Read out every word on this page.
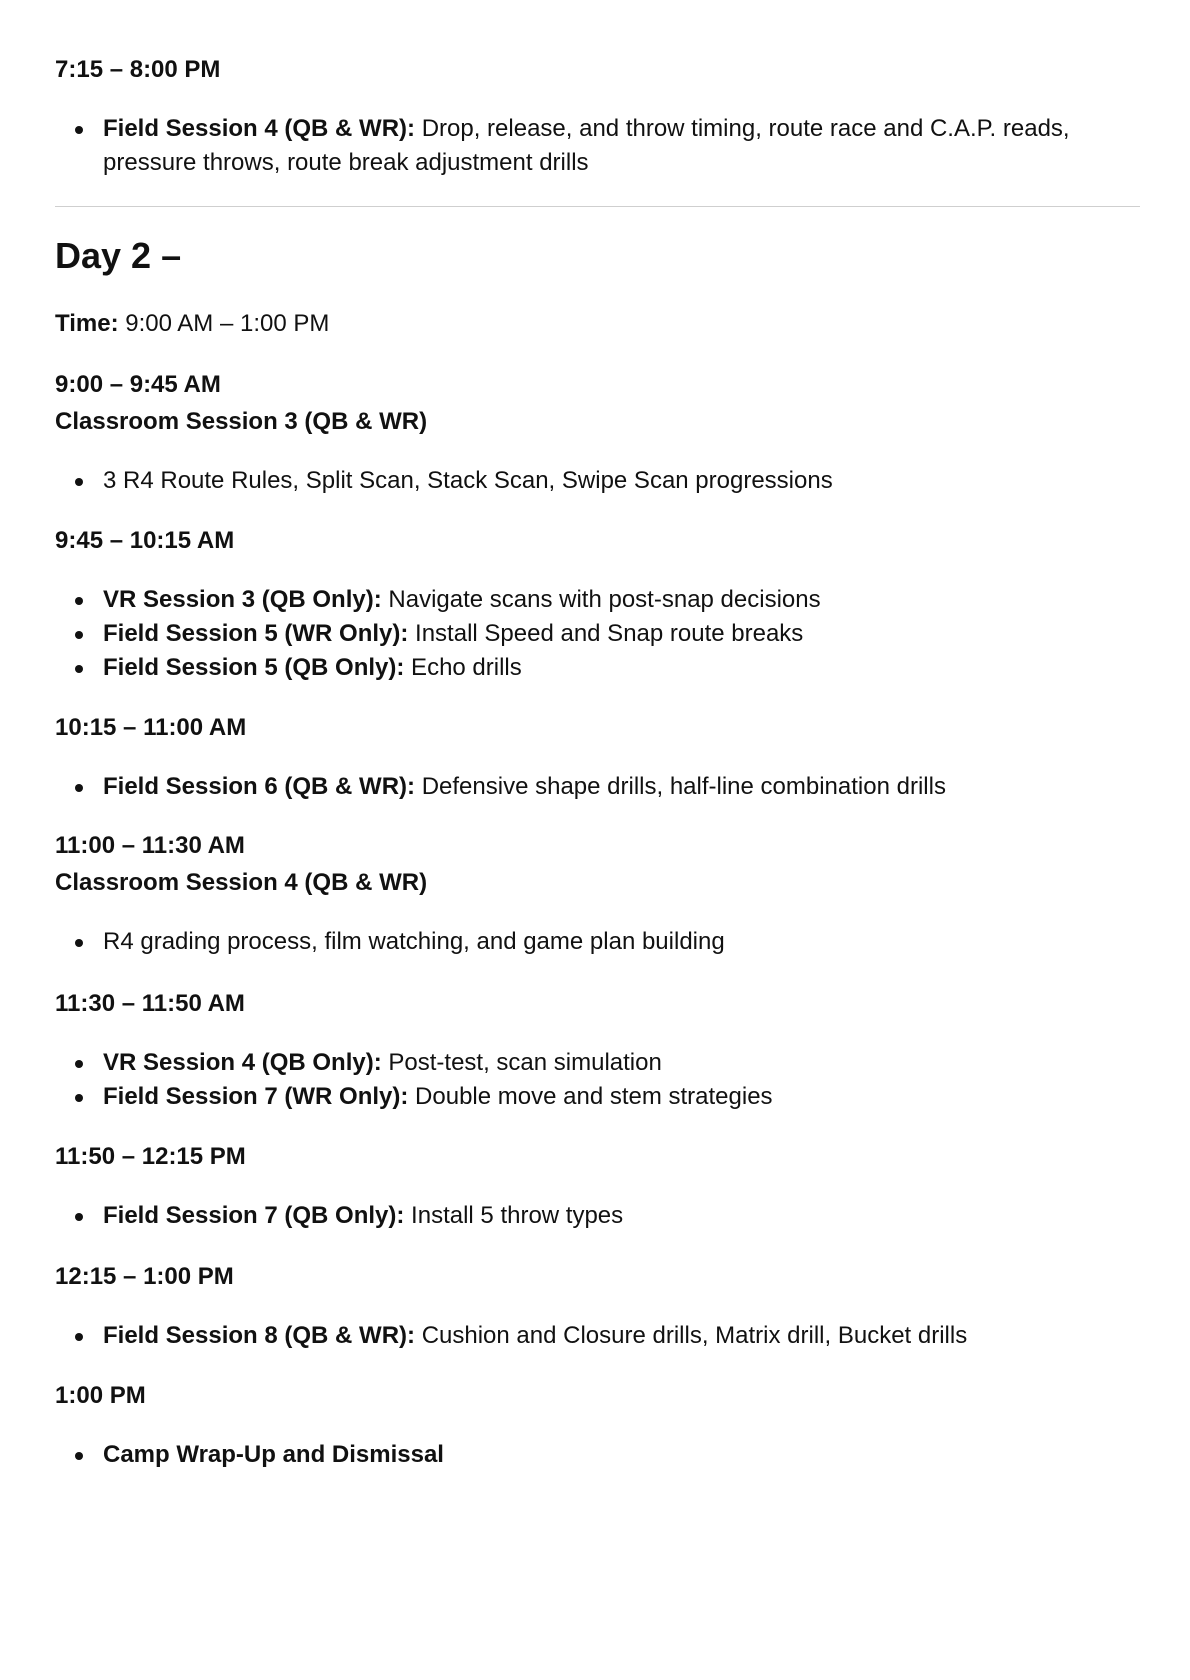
7:15 – 8:00 PM

Field Session 4 (QB & WR): Drop, release, and throw timing, route race and C.A.P. reads, pressure throws, route break adjustment drills
Day 2 –

Time: 9:00 AM – 1:00 PM

9:00 – 9:45 AM

Classroom Session 3 (QB & WR)

3 R4 Route Rules, Split Scan, Stack Scan, Swipe Scan progressions

9:45 – 10:15 AM

VR Session 3 (QB Only): Navigate scans with post-snap decisions
Field Session 5 (WR Only): Install Speed and Snap route breaks
Field Session 5 (QB Only): Echo drills

10:15 – 11:00 AM

Field Session 6 (QB & WR): Defensive shape drills, half-line combination drills

11:00 – 11:30 AM

Classroom Session 4 (QB & WR)

R4 grading process, film watching, and game plan building

11:30 – 11:50 AM

VR Session 4 (QB Only): Post-test, scan simulation
Field Session 7 (WR Only): Double move and stem strategies

11:50 – 12:15 PM

Field Session 7 (QB Only): Install 5 throw types

12:15 – 1:00 PM

Field Session 8 (QB & WR): Cushion and Closure drills, Matrix drill, Bucket drills

1:00 PM

Camp Wrap-Up and Dismissal
